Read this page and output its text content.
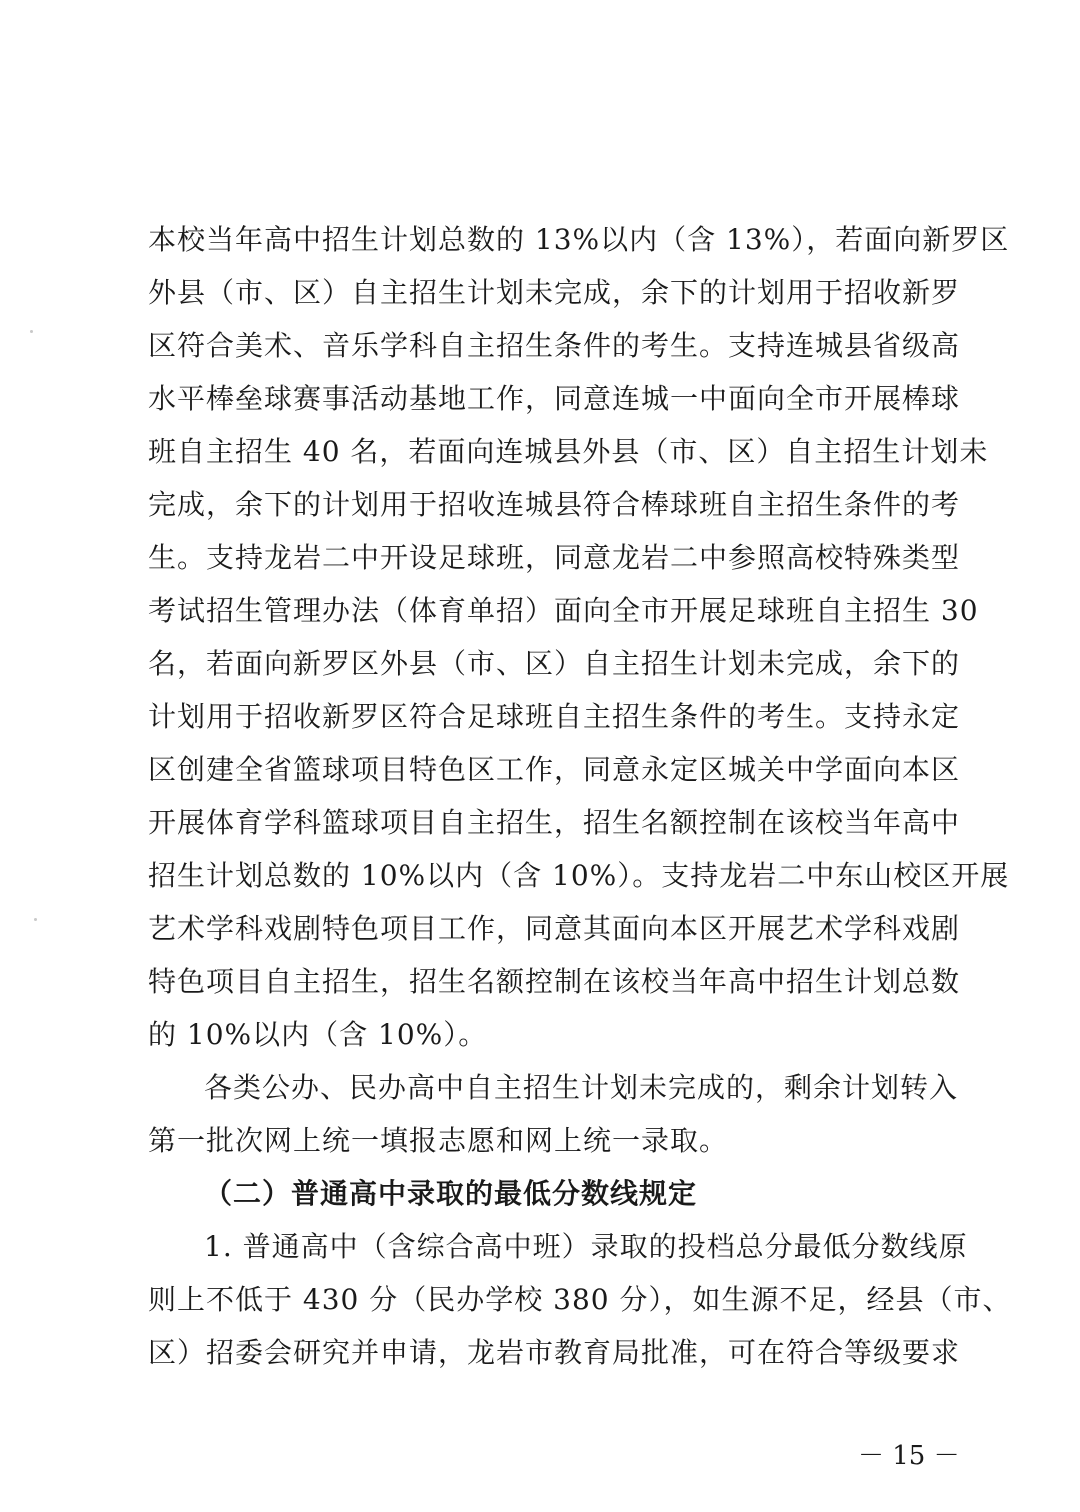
本校当年高中招生计划总数的 13%以内（含 13%），若面向新罗区
外县（市、区）自主招生计划未完成，余下的计划用于招收新罗
区符合美术、音乐学科自主招生条件的考生。支持连城县省级高
水平棒垒球赛事活动基地工作，同意连城一中面向全市开展棒球
班自主招生 40 名，若面向连城县外县（市、区）自主招生计划未
完成，余下的计划用于招收连城县符合棒球班自主招生条件的考
生。支持龙岩二中开设足球班，同意龙岩二中参照高校特殊类型
考试招生管理办法（体育单招）面向全市开展足球班自主招生 30
名，若面向新罗区外县（市、区）自主招生计划未完成，余下的
计划用于招收新罗区符合足球班自主招生条件的考生。支持永定
区创建全省篮球项目特色区工作，同意永定区城关中学面向本区
开展体育学科篮球项目自主招生，招生名额控制在该校当年高中
招生计划总数的 10%以内（含 10%）。支持龙岩二中东山校区开展
艺术学科戏剧特色项目工作，同意其面向本区开展艺术学科戏剧
特色项目自主招生，招生名额控制在该校当年高中招生计划总数
的 10%以内（含 10%）。
各类公办、民办高中自主招生计划未完成的，剩余计划转入
第一批次网上统一填报志愿和网上统一录取。
（二）普通高中录取的最低分数线规定
1. 普通高中（含综合高中班）录取的投档总分最低分数线原
则上不低于 430 分（民办学校 380 分），如生源不足，经县（市、
区）招委会研究并申请，龙岩市教育局批准，可在符合等级要求
－ 15 －
